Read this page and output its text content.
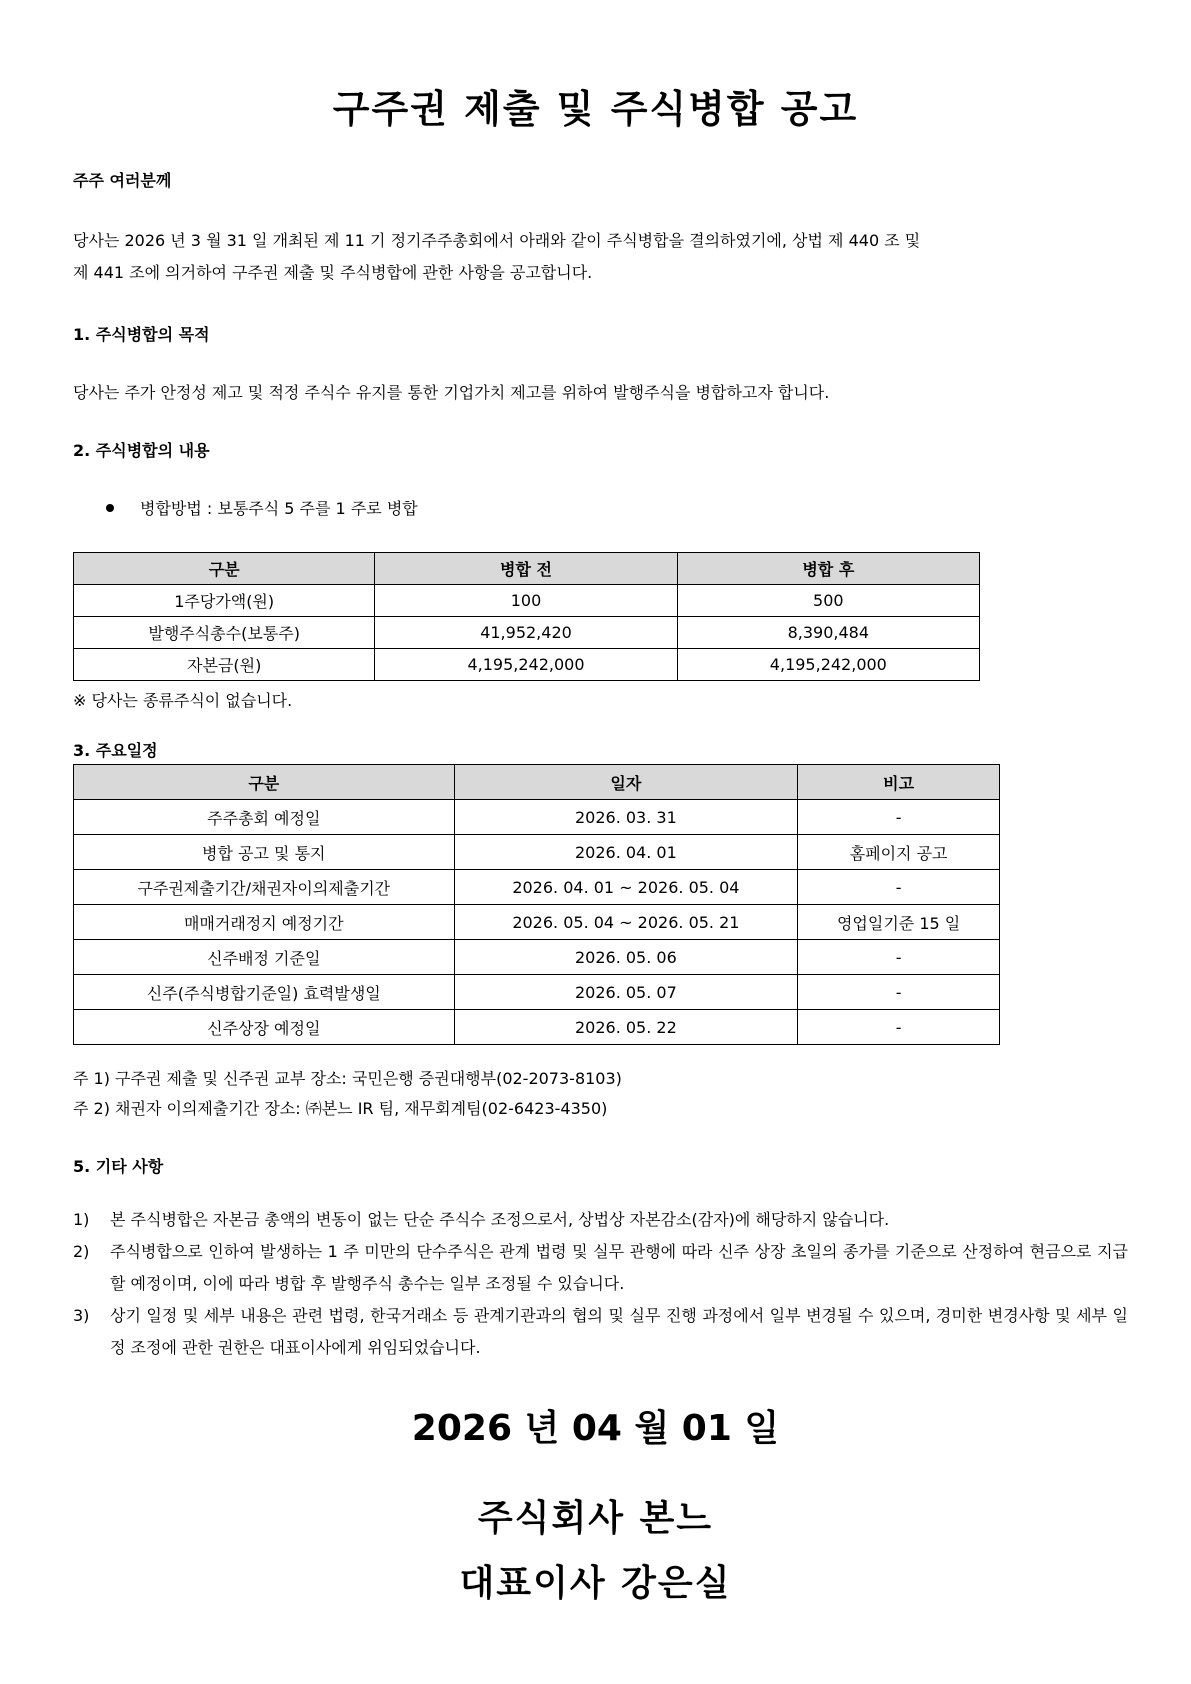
구주권 제출 및 주식병합 공고
주주 여러분께
당사는 2026 년 3 월 31 일 개최된 제 11 기 정기주주총회에서 아래와 같이 주식병합을 결의하였기에, 상법 제 440 조 및
제 441 조에 의거하여 구주권 제출 및 주식병합에 관한 사항을 공고합니다.
1. 주식병합의 목적
당사는 주가 안정성 제고 및 적정 주식수 유지를 통한 기업가치 제고를 위하여 발행주식을 병합하고자 합니다.
2. 주식병합의 내용
병합방법 : 보통주식 5 주를 1 주로 병합
구분	병합 전	병합 후
1주당가액(원)	100	500
발행주식총수(보통주)	41,952,420	8,390,484
자본금(원)	4,195,242,000	4,195,242,000
※ 당사는 종류주식이 없습니다.
3. 주요일정
구분	일자	비고
주주총회 예정일	2026. 03. 31	-
병합 공고 및 통지	2026. 04. 01	홈페이지 공고
구주권제출기간/채권자이의제출기간	2026. 04. 01 ~ 2026. 05. 04	-
매매거래정지 예정기간	2026. 05. 04 ~ 2026. 05. 21	영업일기준 15 일
신주배정 기준일	2026. 05. 06	-
신주(주식병합기준일) 효력발생일	2026. 05. 07	-
신주상장 예정일	2026. 05. 22	-
주 1) 구주권 제출 및 신주권 교부 장소: 국민은행 증권대행부(02-2073-8103)
주 2) 채권자 이의제출기간 장소: ㈜본느 IR 팀, 재무회계팀(02-6423-4350)
5. 기타 사항
1) 본 주식병합은 자본금 총액의 변동이 없는 단순 주식수 조정으로서, 상법상 자본감소(감자)에 해당하지 않습니다.
2) 주식병합으로 인하여 발생하는 1 주 미만의 단수주식은 관계 법령 및 실무 관행에 따라 신주 상장 초일의 종가를 기준으로 산정하여 현금으로 지급할 예정이며, 이에 따라 병합 후 발행주식 총수는 일부 조정될 수 있습니다.
3) 상기 일정 및 세부 내용은 관련 법령, 한국거래소 등 관계기관과의 협의 및 실무 진행 과정에서 일부 변경될 수 있으며, 경미한 변경사항 및 세부 일정 조정에 관한 권한은 대표이사에게 위임되었습니다.
2026 년 04 월 01 일
주식회사 본느
대표이사 강은실
